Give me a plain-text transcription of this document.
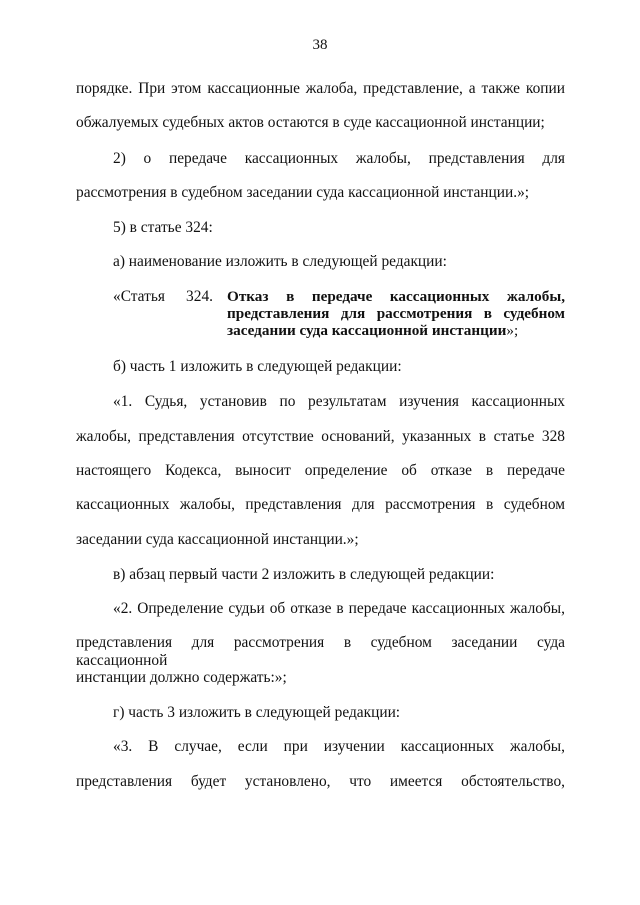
38
порядке. При этом кассационные жалоба, представление, а также копии
обжалуемых судебных актов остаются в суде кассационной инстанции;
2) о передаче кассационных жалобы, представления для
рассмотрения в судебном заседании суда кассационной инстанции.»;
5) в статье 324:
а) наименование изложить в следующей редакции:
«Статья 324. Отказ в передаче кассационных жалобы,
представления для рассмотрения в судебном
заседании суда кассационной инстанции»;
б) часть 1 изложить в следующей редакции:
«1. Судья, установив по результатам изучения кассационных
жалобы, представления отсутствие оснований, указанных в статье 328
настоящего Кодекса, выносит определение об отказе в передаче
кассационных жалобы, представления для рассмотрения в судебном
заседании суда кассационной инстанции.»;
в) абзац первый части 2 изложить в следующей редакции:
«2. Определение судьи об отказе в передаче кассационных жалобы,
представления для рассмотрения в судебном заседании суда кассационной
инстанции должно содержать:»;
г) часть 3 изложить в следующей редакции:
«3. В случае, если при изучении кассационных жалобы,
представления будет установлено, что имеется обстоятельство,
